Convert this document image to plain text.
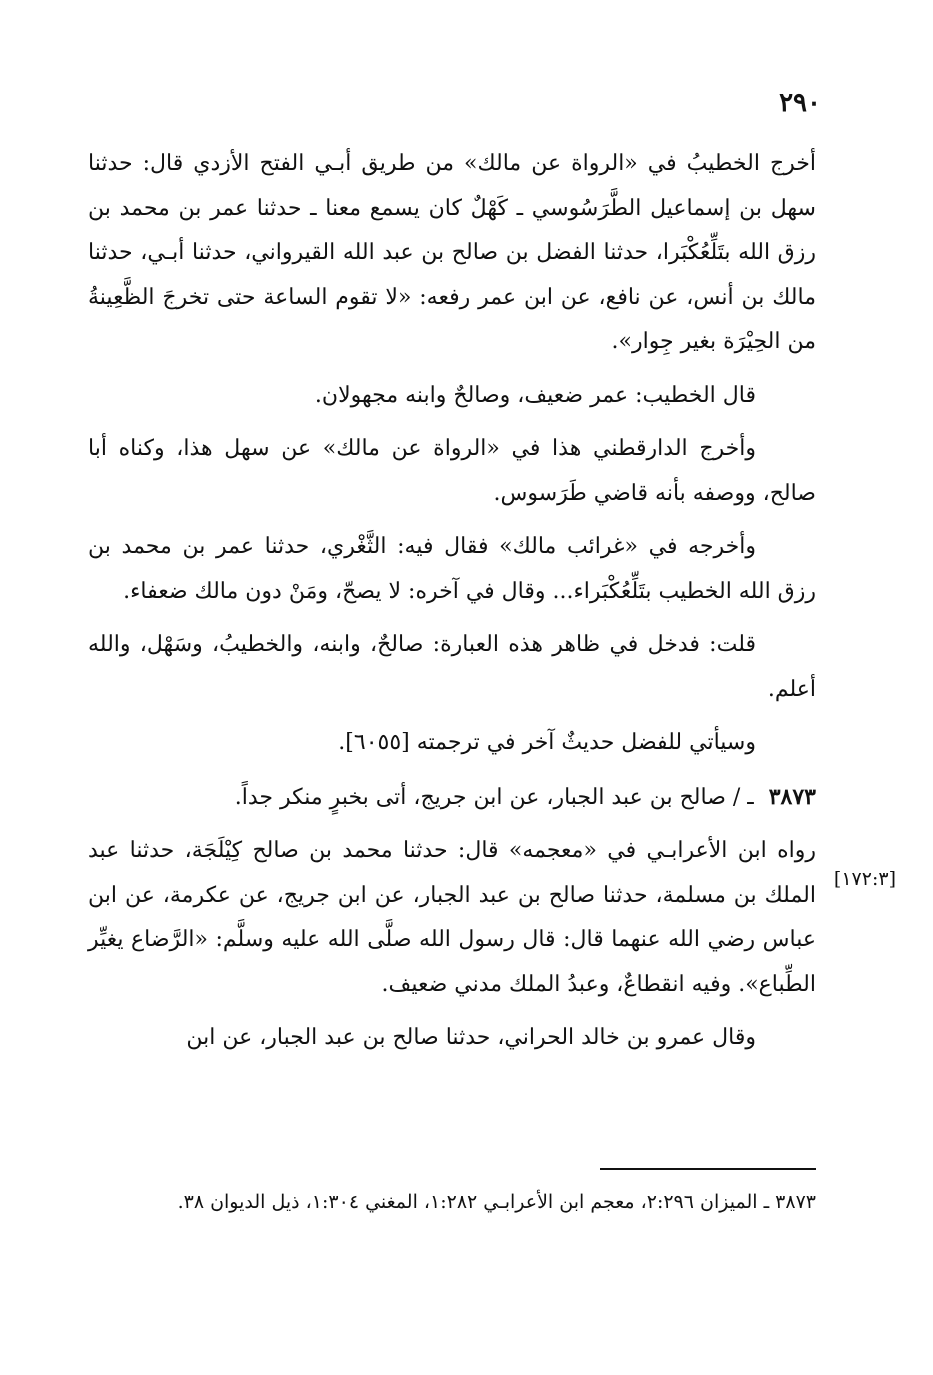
٢٩٠

أخرج الخطيبُ في «الرواة عن مالك» من طريق أبـي الفتح الأزدي قال: حدثنا سهل بن إسماعيل الطَّرَسُوسي ـ كَهْلٌ كان يسمع معنا ـ حدثنا عمر بن محمد بن رزق الله بتَلِّعُكْبَرا، حدثنا الفضل بن صالح بن عبد الله القيرواني، حدثنا أبـي، حدثنا مالك بن أنس، عن نافع، عن ابن عمر رفعه: «لا تقوم الساعة حتى تخرجَ الظَّعِينةُ من الحِيْرَة بغير جِوار».

قال الخطيب: عمر ضعيف، وصالحٌ وابنه مجهولان.

وأخرج الدارقطني هذا في «الرواة عن مالك» عن سهل هذا، وكناه أبا صالح، ووصفه بأنه قاضي طَرَسوس.

وأخرجه في «غرائب مالك» فقال فيه: الثَّغْري، حدثنا عمر بن محمد بن رزق الله الخطيب بتَلِّعُكْبَراء... وقال في آخره: لا يصحّ، ومَنْ دون مالك ضعفاء.

قلت: فدخل في ظاهر هذه العبارة: صالحٌ، وابنه، والخطيبُ، وسَهْل، والله أعلم.

وسيأتي للفضل حديثٌ آخر في ترجمته [٦٠٥٥].

٣٨٧٣ ـ / صالح بن عبد الجبار، عن ابن جريج، أتى بخبرٍ منكر جداً.

رواه ابن الأعرابـي في «معجمه» قال: حدثنا محمد بن صالح كِيْلَجَة، حدثنا عبد الملك بن مسلمة، حدثنا صالح بن عبد الجبار، عن ابن جريج، عن عكرمة، عن ابن عباس رضي الله عنهما قال: قال رسول الله صلَّى الله عليه وسلَّم: «الرَّضاع يغيِّر الطِّباع». وفيه انقطاعٌ، وعبدُ الملك مدني ضعيف.

وقال عمرو بن خالد الحراني، حدثنا صالح بن عبد الجبار، عن ابن

[١٧٢:٣]
٣٨٧٣ ـ الميزان ٢:٢٩٦، معجم ابن الأعرابـي ١:٢٨٢، المغني ١:٣٠٤، ذيل الديوان ٣٨.
